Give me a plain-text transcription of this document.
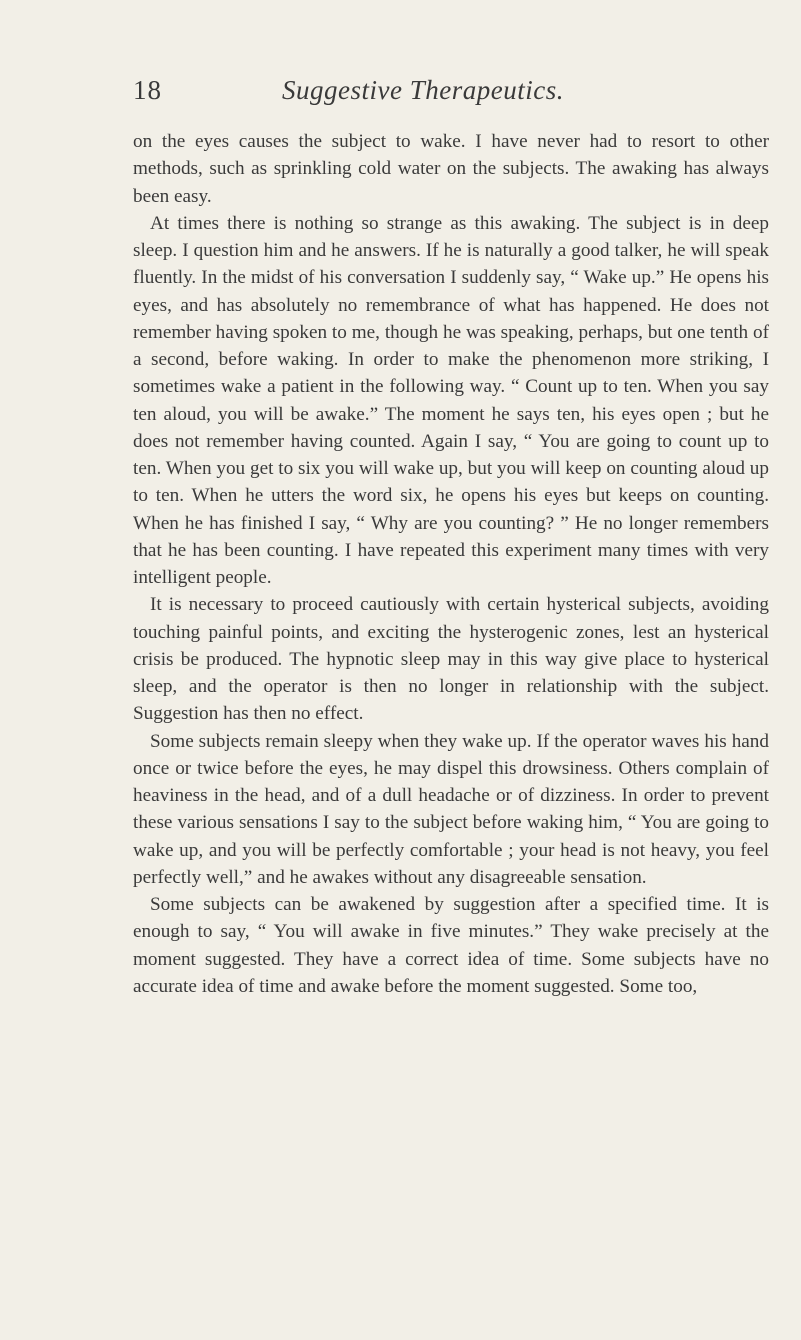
18	Suggestive Therapeutics.

on the eyes causes the subject to wake. I have never had to resort to other methods, such as sprinkling cold water on the subjects. The awaking has always been easy.

At times there is nothing so strange as this awaking. The subject is in deep sleep. I question him and he answers. If he is naturally a good talker, he will speak fluently. In the midst of his conversation I suddenly say, “ Wake up.” He opens his eyes, and has absolutely no remembrance of what has happened. He does not remember having spoken to me, though he was speaking, perhaps, but one tenth of a second, before waking. In order to make the phenomenon more striking, I sometimes wake a patient in the following way. “ Count up to ten. When you say ten aloud, you will be awake.” The moment he says ten, his eyes open ; but he does not remember having counted. Again I say, “ You are going to count up to ten. When you get to six you will wake up, but you will keep on counting aloud up to ten. When he utters the word six, he opens his eyes but keeps on counting. When he has finished I say, “ Why are you counting? ” He no longer remembers that he has been counting. I have repeated this experiment many times with very intelligent people.

It is necessary to proceed cautiously with certain hysterical subjects, avoiding touching painful points, and exciting the hysterogenic zones, lest an hysterical crisis be produced. The hypnotic sleep may in this way give place to hysterical sleep, and the operator is then no longer in relationship with the subject. Suggestion has then no effect.

Some subjects remain sleepy when they wake up. If the operator waves his hand once or twice before the eyes, he may dispel this drowsiness. Others complain of heaviness in the head, and of a dull headache or of dizziness. In order to prevent these various sensations I say to the subject before waking him, “ You are going to wake up, and you will be perfectly comfortable ; your head is not heavy, you feel perfectly well,” and he awakes without any disagreeable sensation.

Some subjects can be awakened by suggestion after a specified time. It is enough to say, “ You will awake in five minutes.” They wake precisely at the moment suggested. They have a correct idea of time. Some subjects have no accurate idea of time and awake before the moment suggested. Some too,
